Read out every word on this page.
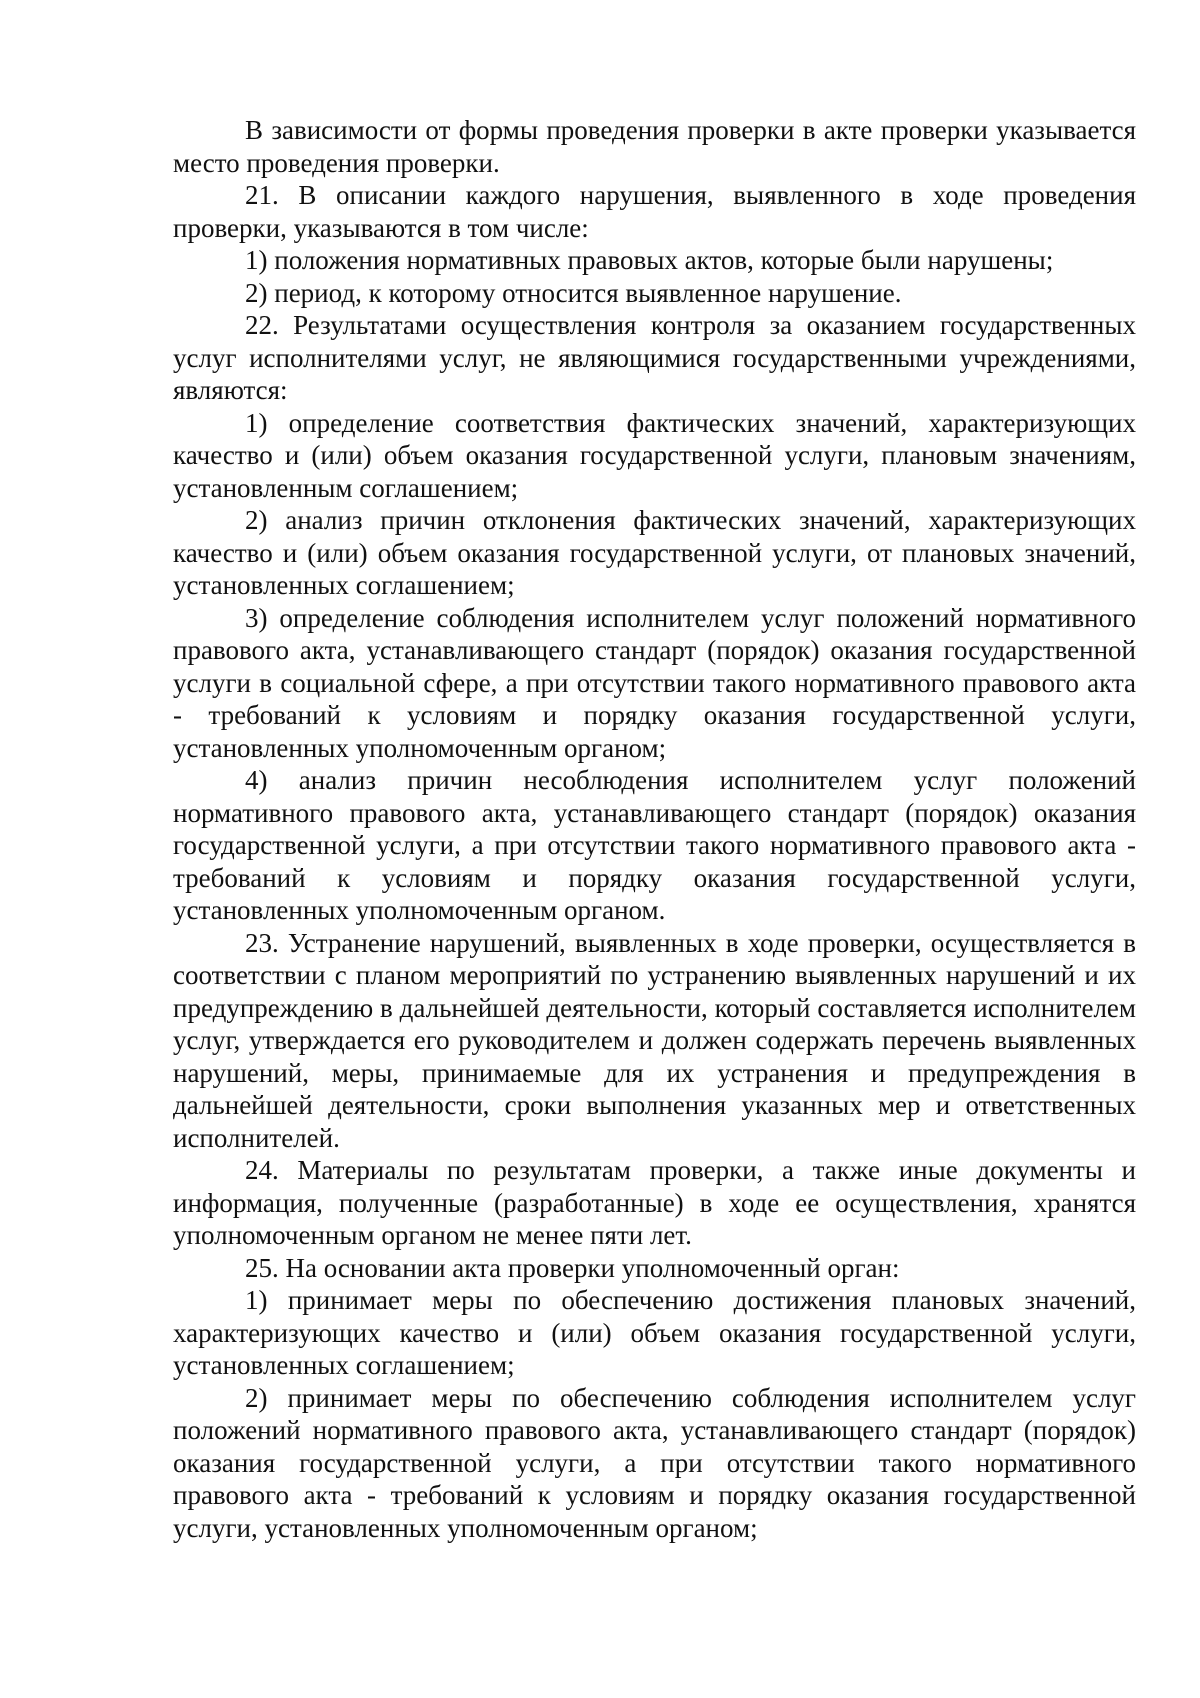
В зависимости от формы проведения проверки в акте проверки указывается место проведения проверки.

21. В описании каждого нарушения, выявленного в ходе проведения проверки, указываются в том числе:

1) положения нормативных правовых актов, которые были нарушены;

2) период, к которому относится выявленное нарушение.

22. Результатами осуществления контроля за оказанием государственных услуг исполнителями услуг, не являющимися государственными учреждениями, являются:

1) определение соответствия фактических значений, характеризующих качество и (или) объем оказания государственной услуги, плановым значениям, установленным соглашением;

2) анализ причин отклонения фактических значений, характеризующих качество и (или) объем оказания государственной услуги, от плановых значений, установленных соглашением;

3) определение соблюдения исполнителем услуг положений нормативного правового акта, устанавливающего стандарт (порядок) оказания государственной услуги в социальной сфере, а при отсутствии такого нормативного правового акта - требований к условиям и порядку оказания государственной услуги, установленных уполномоченным органом;

4) анализ причин несоблюдения исполнителем услуг положений нормативного правового акта, устанавливающего стандарт (порядок) оказания государственной услуги, а при отсутствии такого нормативного правового акта - требований к условиям и порядку оказания государственной услуги, установленных уполномоченным органом.

23. Устранение нарушений, выявленных в ходе проверки, осуществляется в соответствии с планом мероприятий по устранению выявленных нарушений и их предупреждению в дальнейшей деятельности, который составляется исполнителем услуг, утверждается его руководителем и должен содержать перечень выявленных нарушений, меры, принимаемые для их устранения и предупреждения в дальнейшей деятельности, сроки выполнения указанных мер и ответственных исполнителей.

24. Материалы по результатам проверки, а также иные документы и информация, полученные (разработанные) в ходе ее осуществления, хранятся уполномоченным органом не менее пяти лет.

25. На основании акта проверки уполномоченный орган:

1) принимает меры по обеспечению достижения плановых значений, характеризующих качество и (или) объем оказания государственной услуги, установленных соглашением;

2) принимает меры по обеспечению соблюдения исполнителем услуг положений нормативного правового акта, устанавливающего стандарт (порядок) оказания государственной услуги, а при отсутствии такого нормативного правового акта - требований к условиям и порядку оказания государственной услуги, установленных уполномоченным органом;
